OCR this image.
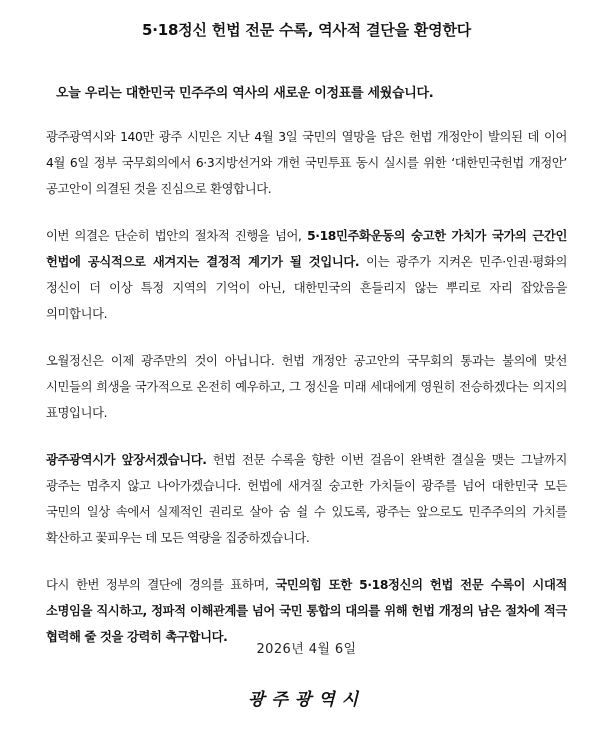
5·18정신 헌법 전문 수록, 역사적 결단을 환영한다

오늘 우리는 대한민국 민주주의 역사의 새로운 이정표를 세웠습니다.

광주광역시와 140만 광주 시민은 지난 4월 3일 국민의 열망을 담은 헌법 개정안이 발의된 데 이어 4월 6일 정부 국무회의에서 6·3지방선거와 개헌 국민투표 동시 실시를 위한 ‘대한민국헌법 개정안’ 공고안이 의결된 것을 진심으로 환영합니다.

이번 의결은 단순히 법안의 절차적 진행을 넘어, 5·18민주화운동의 숭고한 가치가 국가의 근간인 헌법에 공식적으로 새겨지는 결정적 계기가 될 것입니다. 이는 광주가 지켜온 민주·인권·평화의 정신이 더 이상 특정 지역의 기억이 아닌, 대한민국의 흔들리지 않는 뿌리로 자리 잡았음을 의미합니다.

오월정신은 이제 광주만의 것이 아닙니다. 헌법 개정안 공고안의 국무회의 통과는 불의에 맞선 시민들의 희생을 국가적으로 온전히 예우하고, 그 정신을 미래 세대에게 영원히 전승하겠다는 의지의 표명입니다.

광주광역시가 앞장서겠습니다. 헌법 전문 수록을 향한 이번 걸음이 완벽한 결실을 맺는 그날까지 광주는 멈추지 않고 나아가겠습니다. 헌법에 새겨질 숭고한 가치들이 광주를 넘어 대한민국 모든 국민의 일상 속에서 실제적인 권리로 살아 숨 쉴 수 있도록, 광주는 앞으로도 민주주의의 가치를 확산하고 꽃피우는 데 모든 역량을 집중하겠습니다.

다시 한번 정부의 결단에 경의를 표하며, 국민의힘 또한 5·18정신의 헌법 전문 수록이 시대적 소명임을 직시하고, 정파적 이해관계를 넘어 국민 통합의 대의를 위해 헌법 개정의 남은 절차에 적극 협력해 줄 것을 강력히 촉구합니다.

2026년 4월 6일
광주광역시
